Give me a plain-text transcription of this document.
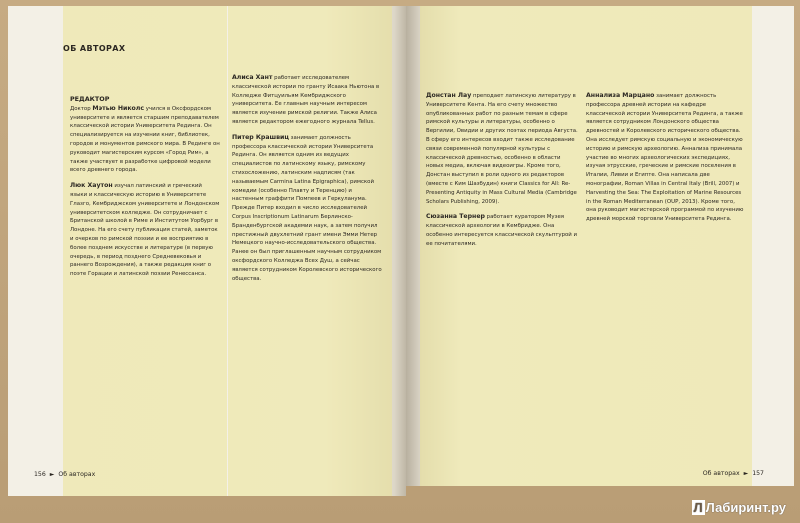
ОБ АВТОРАХ

РЕДАКТОР
Доктор Мэтью Николс учился в Оксфордском университете и является старшим преподавателем классической истории Университета Рединга. Он специализируется на изучении книг, библиотек, городов и монументов римского мира. В Рединге он руководит магистерским курсом «Город Рим», а также участвует в разработке цифровой модели всего древнего города.

Люк Хаутон изучал латинский и греческий языки и классическую историю в Университете Глазго, Кембриджском университете и Лондонском университетском колледже. Он сотрудничает с Британской школой в Риме и Институтом Уорбург в Лондоне. На его счету публикация статей, заметок и очерков по римской поэзии и ее восприятию в более позднем искусстве и литературе (в первую очередь, в период позднего Средневековья и раннего Возрождения), а также редакция книг о поэте Горации и латинской поэзии Ренессанса.

Алиса Хант работает исследователем классической истории по гранту Исаака Ньютона в Колледже Фитцуильям Кембриджского университета. Ее главным научным интересом является изучение римской религии. Также Алиса является редактором ежегодного журнала Tellus.

Питер Крашвиц занимает должность профессора классической истории Университета Рединга. Он является одним из ведущих специалистов по латинскому языку, римскому стихосложению, латинским надписям (так называемым Carmina Latina Epigraphica), римской комедии (особенно Плавту и Теренцию) и настенным граффити Помпеев и Геркуланума. Прежде Питер входил в число исследователей Corpus Inscriptionum Latinarum Берлинско-Бранденбургской академии наук, а затем получил престижный двухлетний грант имени Эмми Нетер Немецкого научно-исследовательского общества. Ранее он был приглашенным научным сотрудником оксфордского Колледжа Всех Душ, а сейчас является сотрудником Королевского исторического общества.

156 ► Об авторах

Донстан Лау преподает латинскую литературу в Университете Кента. На его счету множество опубликованных работ по разным темам в сфере римской культуры и литературы, особенно о Вергилии, Овидии и других поэтах периода Августа. В сферу его интересов входит также исследование связи современной популярной культуры с классической древностью, особенно в области новых медиа, включая видеоигры. Кроме того, Донстан выступил в роли одного из редакторов (вместе с Ким Шазбудин) книги Classics for All: Re-Presenting Antiquity in Mass Cultural Media (Cambridge Scholars Publishing, 2009).

Сюзанна Тернер работает куратором Музея классической археологии в Кембридже. Она особенно интересуется классической скульптурой и ее почитателями.

Аннализа Марцано занимает должность профессора древней истории на кафедре классической истории Университета Рединга, а также является сотрудником Лондонского общества древностей и Королевского исторического общества. Она исследует римскую социальную и экономическую историю и римскую археологию. Аннализа принимала участие во многих археологических экспедициях, изучая этрусские, греческие и римские поселения в Италии, Ливии и Египте. Она написала две монографии, Roman Villas in Central Italy (Brill, 2007) и Harvesting the Sea: The Exploitation of Marine Resources in the Roman Mediterranean (OUP, 2013). Кроме того, она руководит магистерской программой по изучению древней морской торговли Университета Рединга.

Об авторах ► 157
Л Лабиринт.ру
